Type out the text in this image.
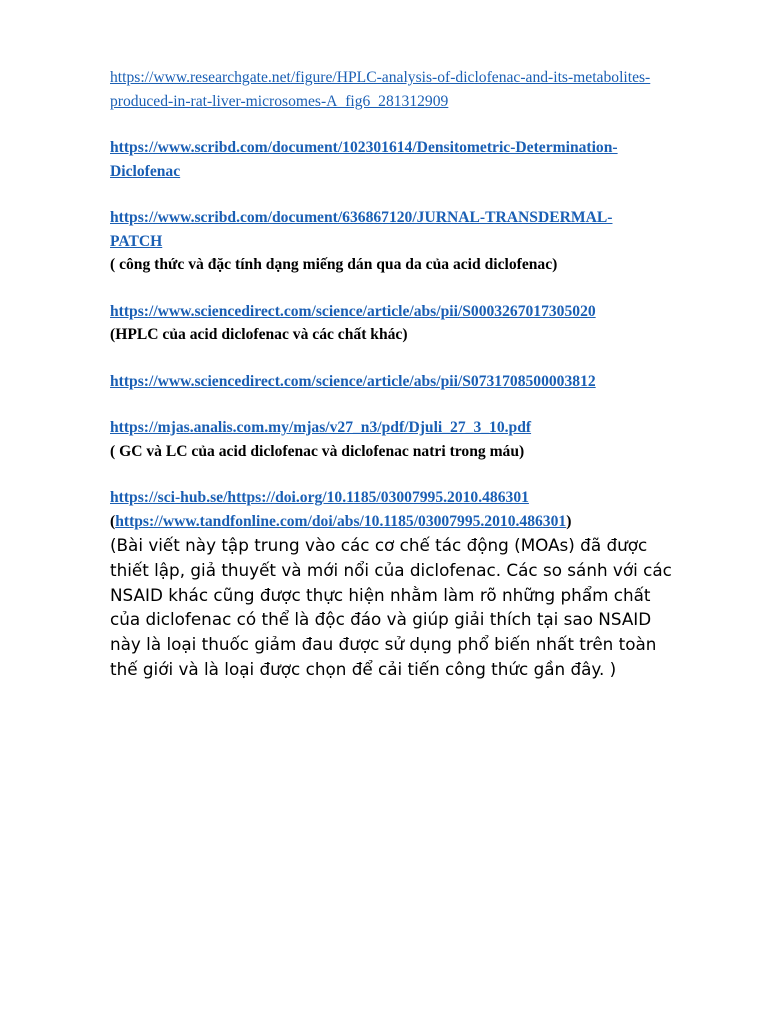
https://www.researchgate.net/figure/HPLC-analysis-of-diclofenac-and-its-metabolites-
produced-in-rat-liver-microsomes-A_fig6_281312909
https://www.scribd.com/document/102301614/Densitometric-Determination-
Diclofenac
https://www.scribd.com/document/636867120/JURNAL-TRANSDERMAL-
PATCH
( công thức và đặc tính dạng miếng dán qua da của acid diclofenac)
https://www.sciencedirect.com/science/article/abs/pii/S0003267017305020
(HPLC của acid diclofenac và các chất khác)
https://www.sciencedirect.com/science/article/abs/pii/S0731708500003812
https://mjas.analis.com.my/mjas/v27_n3/pdf/Djuli_27_3_10.pdf
( GC và LC của acid diclofenac và diclofenac natri trong máu)
https://sci-hub.se/https://doi.org/10.1185/03007995.2010.486301
(https://www.tandfonline.com/doi/abs/10.1185/03007995.2010.486301)
(Bài viết này tập trung vào các cơ chế tác động (MOAs) đã được
thiết lập, giả thuyết và mới nổi của diclofenac. Các so sánh với các
NSAID khác cũng được thực hiện nhằm làm rõ những phẩm chất
của diclofenac có thể là độc đáo và giúp giải thích tại sao NSAID
này là loại thuốc giảm đau được sử dụng phổ biến nhất trên toàn
thế giới và là loại được chọn để cải tiến công thức gần đây. )
